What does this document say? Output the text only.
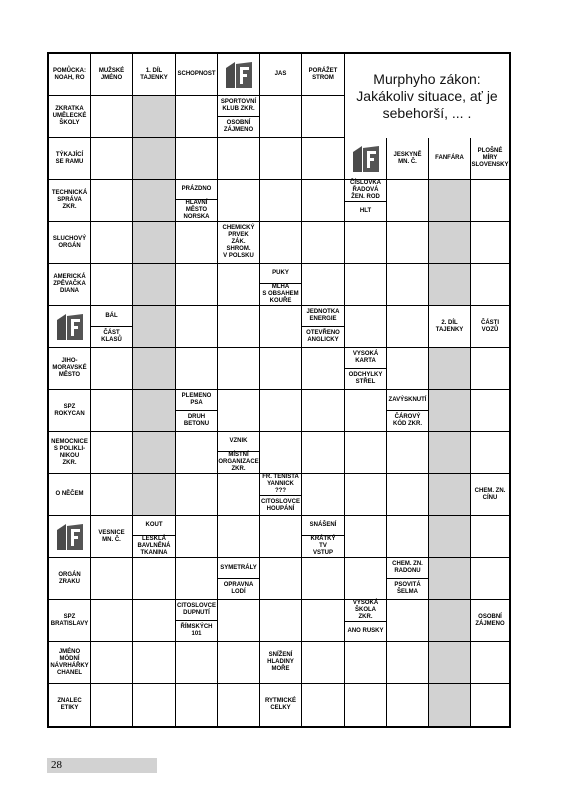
POMŮCKA:
NOAH, RO
MUŽSKÉ
JMÉNO
1. DÍL
TAJENKY
SCHOPNOST	JAS
PORÁŽET
STROM
ZKRATKA
UMĚLECKÉ
ŠKOLY
SPORTOVNÍ
KLUB ZKR.
OSOBNÍ
ZÁJMENO
TÝKAJÍCÍ
SE RAMU
JESKYNĚ
MN. Č.
FANFÁRA
PLOŠNÉ
MÍRY
SLOVENSKY
TECHNICKÁ
SPRÁVA
ZKR.
PRÁZDNO
HLAVNÍ
MĚSTO
NORSKA
ČÍSLOVKA
ŘADOVÁ
ŽEN. ROD
HLT
SLUCHOVÝ
ORGÁN
CHEMICKÝ
PRVEK
ZÁK. SHROM.
V POLSKU
AMERICKÁ
ZPĚVAČKA
DIANA
PUKY
MLHA
S OBSAHEM
KOUŘE
BÁL
ČÁST
KLASŮ
JEDNOTKA
ENERGIE
OTEVŘENO
ANGLICKY
2. DÍL
TAJENKY
ČÁSTI
VOZŮ
JIHO-
MORAVSKÉ
MĚSTO
VYSOKÁ
KARTA
ODCHYLKY
STŘEL
SPZ
ROKYCAN
PLEMENO
PSA
DRUH
BETONU
ZAVÝSKNUTÍ
ČÁROVÝ
KÓD ZKR.
NEMOCNICE
S POLIKLI-
NIKOU
ZKR.
VZNIK
MÍSTNÍ
ORGANIZACE
ZKR.
O NĚČEM
FR. TENISTA
YANNICK ???
CITOSLOVCE
HOUPÁNÍ
CHEM. ZN.
CÍNU
VESNICE
MN. Č.
KOUT
LESKLÁ
BAVLNĚNÁ
TKANINA
SNÁŠENÍ
KRÁTKÝ
TV
VSTUP
ORGÁN
ZRAKU
SYMETRÁLY
OPRAVNA
LODÍ
CHEM. ZN.
RADONU
PSOVITÁ
ŠELMA
SPZ
BRATISLAVY
CITOSLOVCE
DUPNUTÍ
ŘÍMSKÝCH
101
VYSOKÁ
ŠKOLA
ZKR.
ANO RUSKY
OSOBNÍ
ZÁJMENO
JMÉNO
MÓDNÍ
NÁVRHÁŘKY
CHANEL
SNÍŽENÍ
HLADINY
MOŘE
ZNALEC
ETIKY
RYTMICKÉ
CELKY
Murphyho zákon:
Jakákoliv situace, ať je
sebehorší, ... .
28
